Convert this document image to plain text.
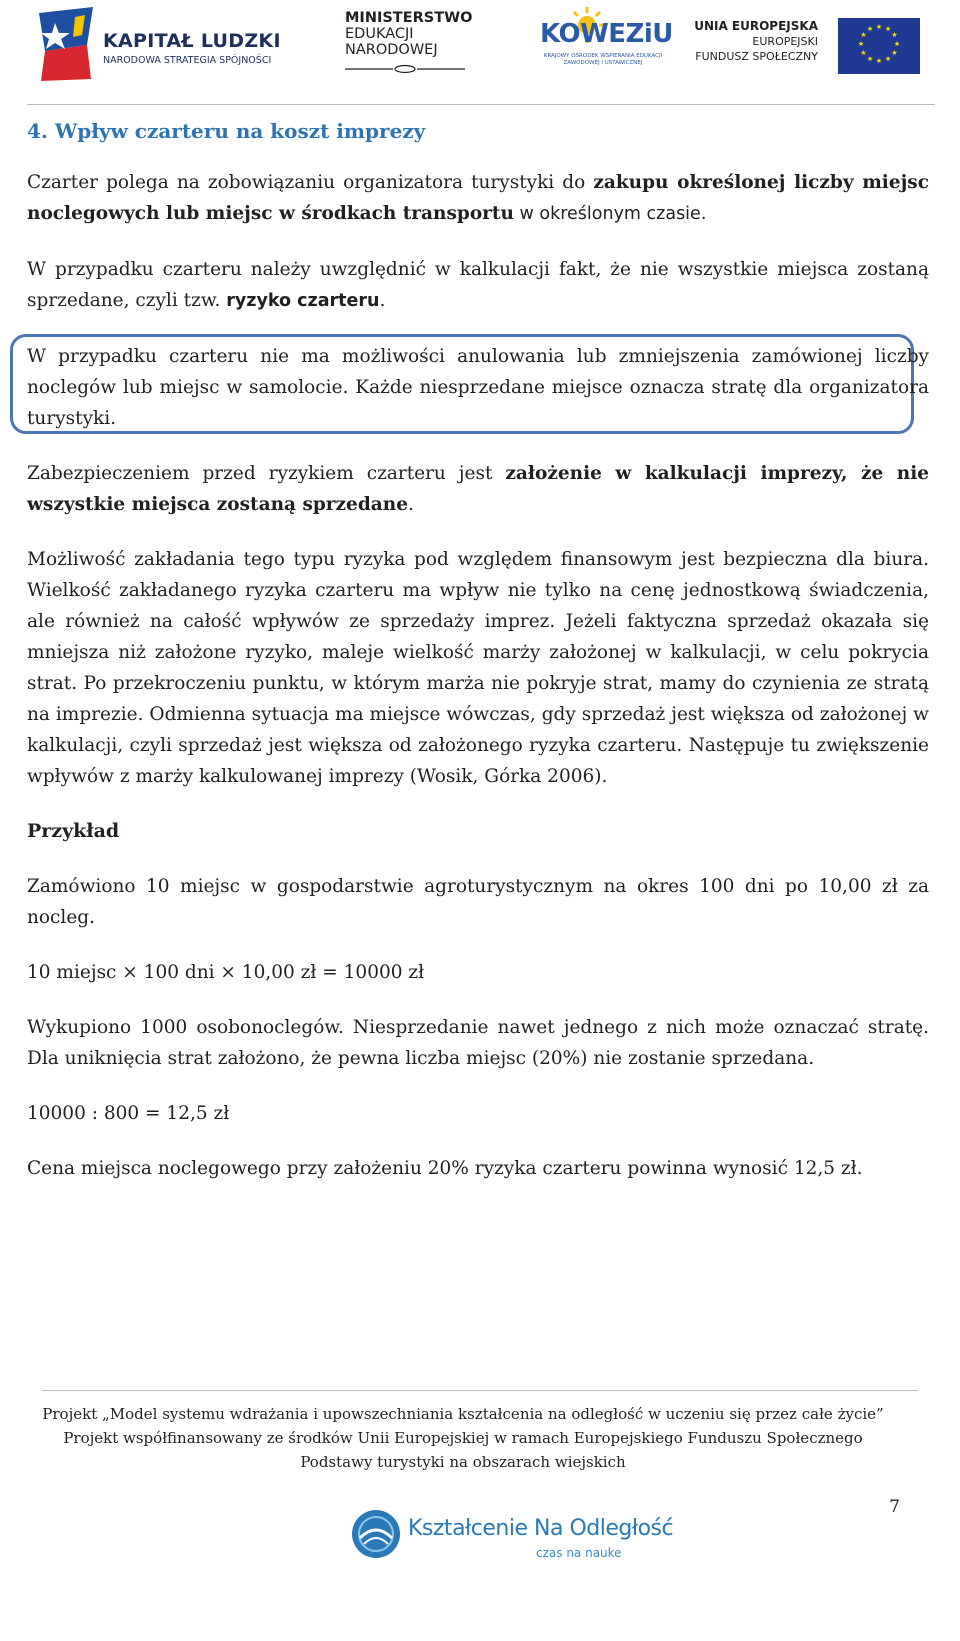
KAPITAŁ LUDZKI
NARODOWA STRATEGIA SPÓJNOŚCI
MINISTERSTWO
EDUKACJI
NARODOWEJ
KOWEZiU
KRAJOWY OŚRODEK WSPIERANIA EDUKACJI ZAWODOWEJ I USTAWICZNEJ
UNIA EUROPEJSKA
EUROPEJSKI
FUNDUSZ SPOŁECZNY
★ ★
★
★
★
★
★
★
★
★
★
★
4. Wpływ czarteru na koszt imprezy

Czarter polega na zobowiązaniu organizatora turystyki do zakupu określonej liczby miejsc noclegowych lub miejsc w środkach transportu w określonym czasie.

W przypadku czarteru należy uwzględnić w kalkulacji fakt, że nie wszystkie miejsca zostaną sprzedane, czyli tzw. ryzyko czarteru.

W przypadku czarteru nie ma możliwości anulowania lub zmniejszenia zamówionej liczby noclegów lub miejsc w samolocie. Każde niesprzedane miejsce oznacza stratę dla organizatora turystyki.

Zabezpieczeniem przed ryzykiem czarteru jest założenie w kalkulacji imprezy, że nie wszystkie miejsca zostaną sprzedane.

Możliwość zakładania tego typu ryzyka pod względem finansowym jest bezpieczna dla biura. Wielkość zakładanego ryzyka czarteru ma wpływ nie tylko na cenę jednostkową świadczenia, ale również na całość wpływów ze sprzedaży imprez. Jeżeli faktyczna sprzedaż okazała się mniejsza niż założone ryzyko, maleje wielkość marży założonej w kalkulacji, w celu pokrycia strat. Po przekroczeniu punktu, w którym marża nie pokryje strat, mamy do czynienia ze stratą na imprezie. Odmienna sytuacja ma miejsce wówczas, gdy sprzedaż jest większa od założonej w kalkulacji, czyli sprzedaż jest większa od założonego ryzyka czarteru. Następuje tu zwiększenie wpływów z marży kalkulowanej imprezy (Wosik, Górka 2006).

Przykład

Zamówiono 10 miejsc w gospodarstwie agroturystycznym na okres 100 dni po 10,00 zł za nocleg.

10 miejsc × 100 dni × 10,00 zł = 10000 zł

Wykupiono 1000 osobonoclegów. Niesprzedanie nawet jednego z nich może oznaczać stratę. Dla uniknięcia strat założono, że pewna liczba miejsc (20%) nie zostanie sprzedana.

10000 : 800 = 12,5 zł

Cena miejsca noclegowego przy założeniu 20% ryzyka czarteru powinna wynosić 12,5 zł.

Projekt „Model systemu wdrażania i upowszechniania kształcenia na odległość w uczeniu się przez całe życie”
Projekt współfinansowany ze środków Unii Europejskiej w ramach Europejskiego Funduszu Społecznego
Podstawy turystyki na obszarach wiejskich
7
Kształcenie Na Odległość
czas na nauke
